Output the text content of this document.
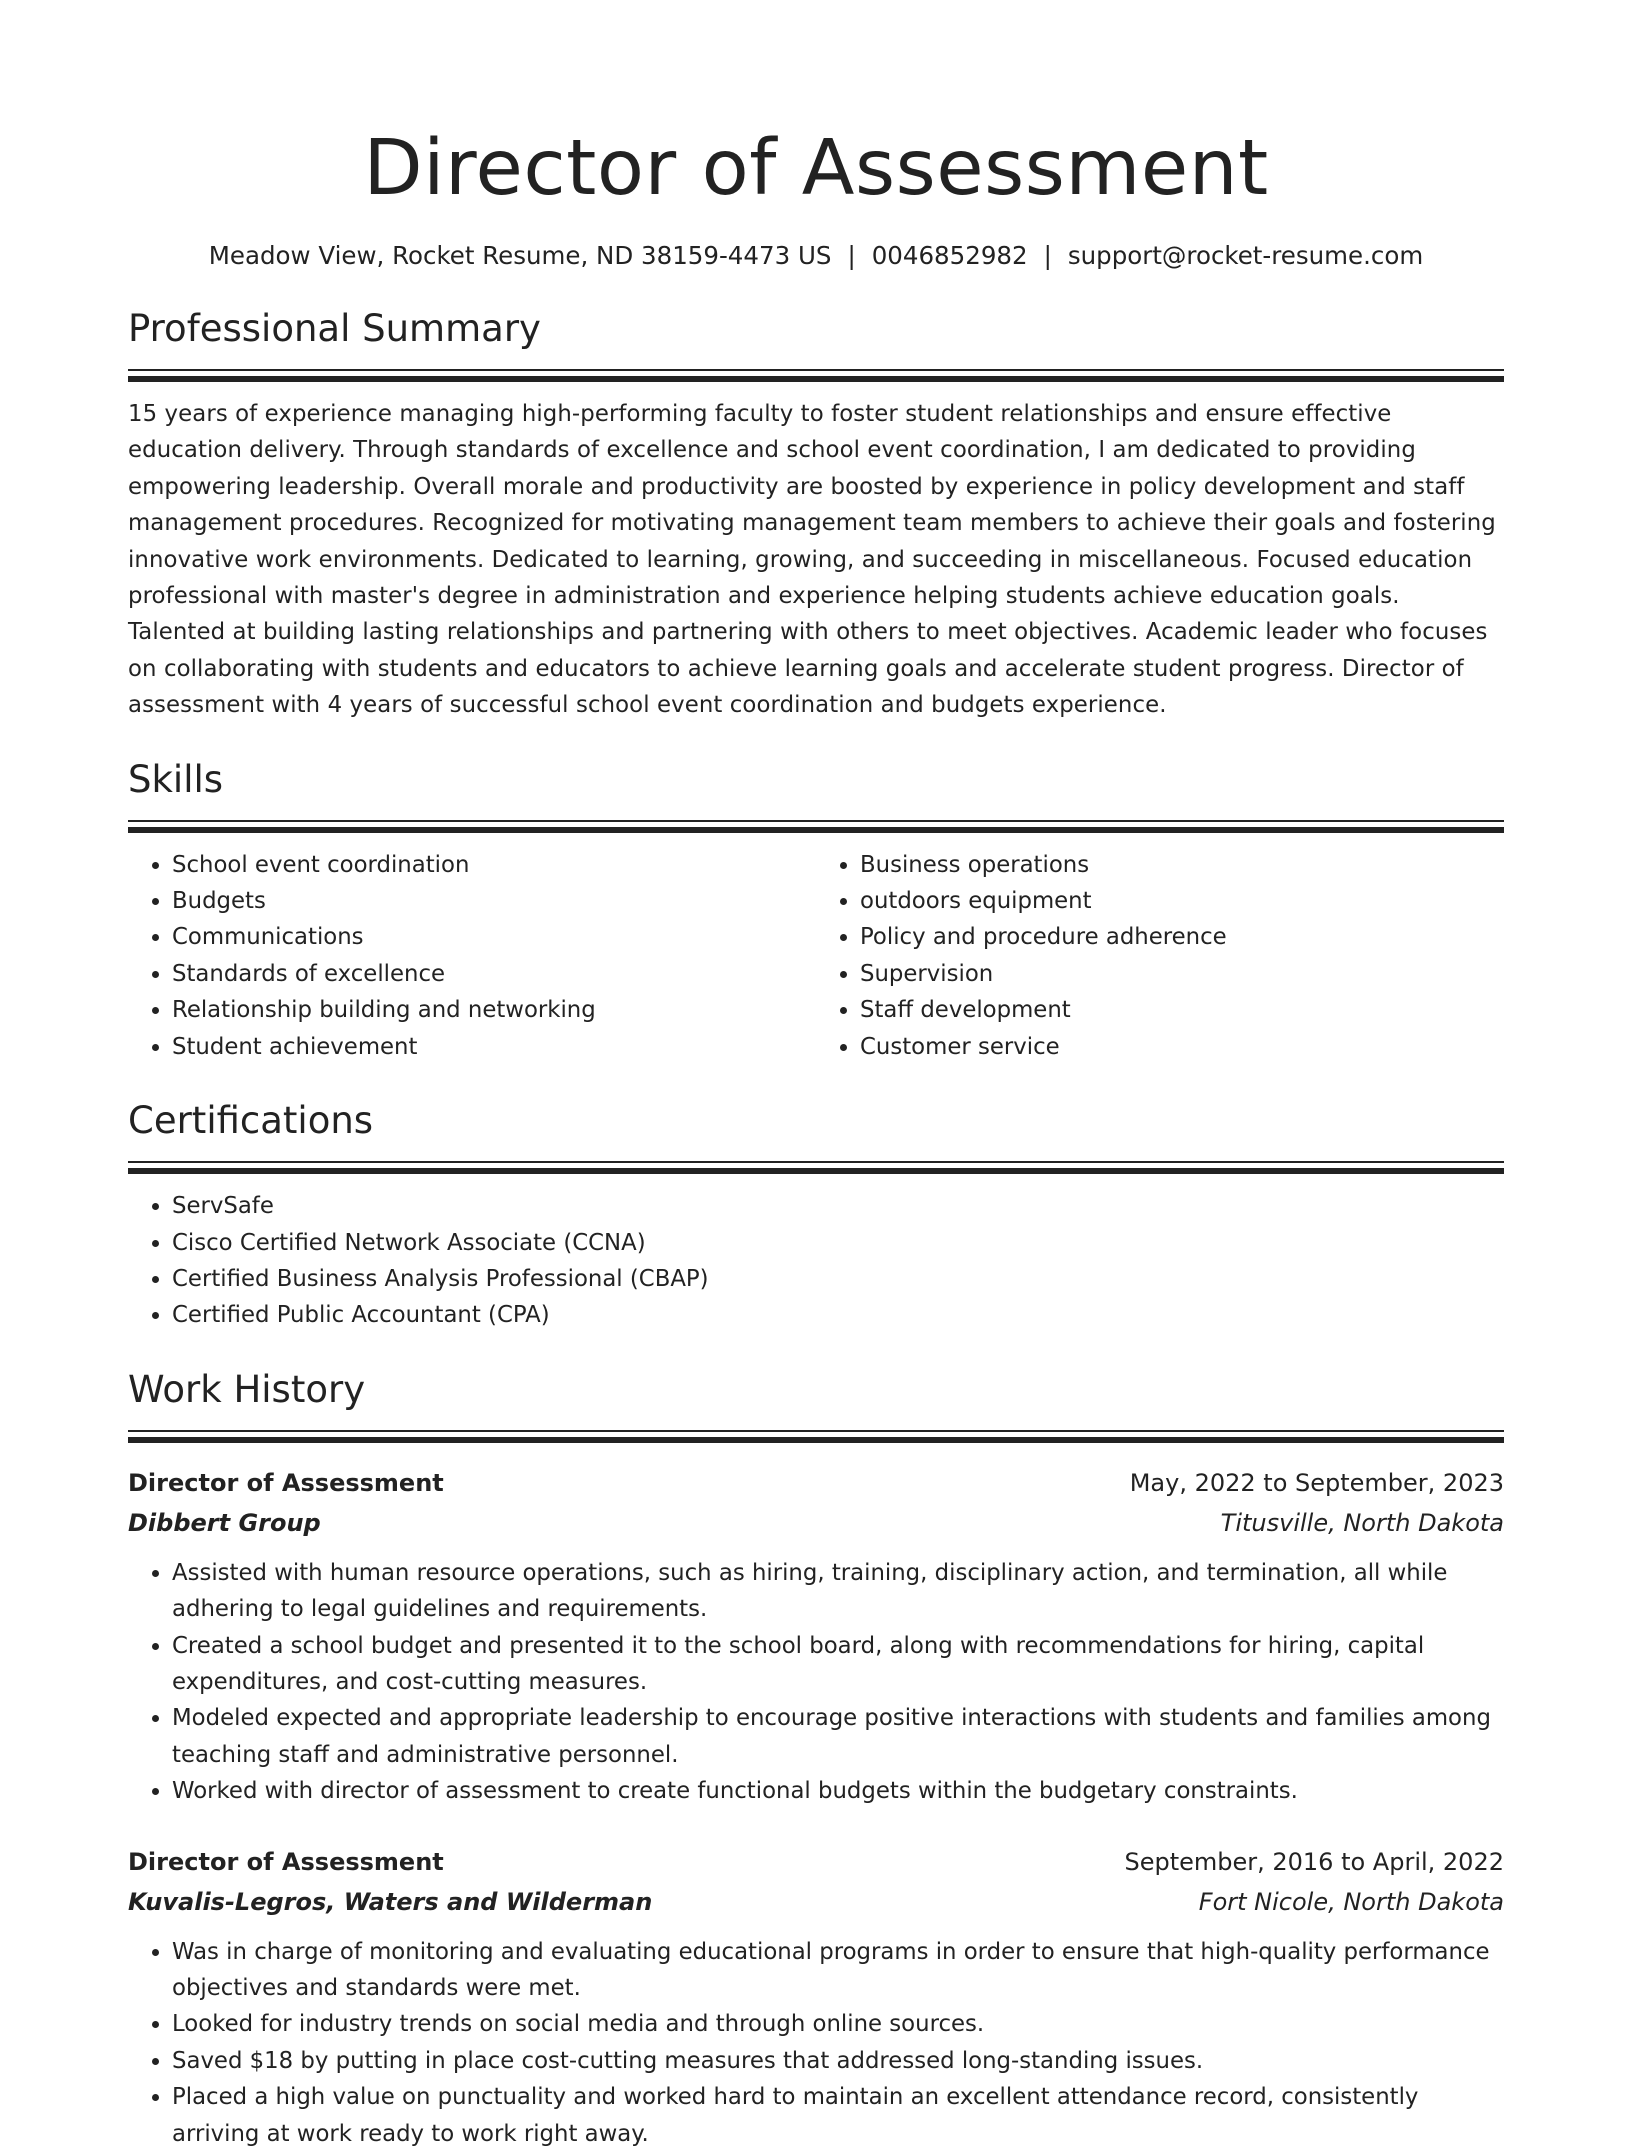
Director of Assessment
Meadow View, Rocket Resume, ND 38159-4473 US | 0046852982 | support@rocket-resume.com
Professional Summary

15 years of experience managing high-performing faculty to foster student relationships and ensure effective education delivery. Through standards of excellence and school event coordination, I am dedicated to providing empowering leadership. Overall morale and productivity are boosted by experience in policy development and staff management procedures. Recognized for motivating management team members to achieve their goals and fostering innovative work environments. Dedicated to learning, growing, and succeeding in miscellaneous. Focused education professional with master's degree in administration and experience helping students achieve education goals. Talented at building lasting relationships and partnering with others to meet objectives. Academic leader who focuses on collaborating with students and educators to achieve learning goals and accelerate student progress. Director of assessment with 4 years of successful school event coordination and budgets experience.

Skills
• School event coordination
• Budgets
• Communications
• Standards of excellence
• Relationship building and networking
• Student achievement
• Business operations
• outdoors equipment
• Policy and procedure adherence
• Supervision
• Staff development
• Customer service
Certifications
• ServSafe
• Cisco Certified Network Associate (CCNA)
• Certified Business Analysis Professional (CBAP)
• Certified Public Accountant (CPA)
Work History
Director of Assessment	May, 2022 to September, 2023
Dibbert Group	Titusville, North Dakota
• Assisted with human resource operations, such as hiring, training, disciplinary action, and termination, all while adhering to legal guidelines and requirements.
• Created a school budget and presented it to the school board, along with recommendations for hiring, capital expenditures, and cost-cutting measures.
• Modeled expected and appropriate leadership to encourage positive interactions with students and families among teaching staff and administrative personnel.
• Worked with director of assessment to create functional budgets within the budgetary constraints.
Director of Assessment	September, 2016 to April, 2022
Kuvalis-Legros, Waters and Wilderman	Fort Nicole, North Dakota
• Was in charge of monitoring and evaluating educational programs in order to ensure that high-quality performance objectives and standards were met.
• Looked for industry trends on social media and through online sources.
• Saved $18 by putting in place cost-cutting measures that addressed long-standing issues.
• Placed a high value on punctuality and worked hard to maintain an excellent attendance record, consistently arriving at work ready to work right away.
